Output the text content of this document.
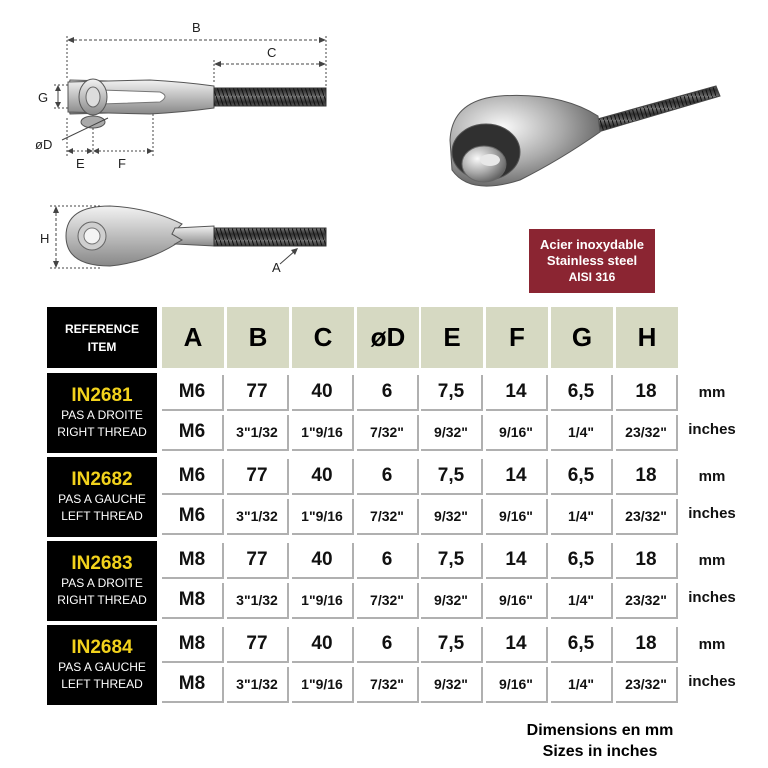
B
C
G
øD
E	F
H
A
Acier inoxydable
Stainless steel
AISI 316
REFERENCE
ITEM	A	B	C	øD	E	F	G	H
IN2681
PAS A DROITE
RIGHT THREAD
M6	77	40	6	7,5	14	6,5	18	mm
M6	3"1/32	1"9/16	7/32"	9/32"	9/16"	1/4"	23/32"	inches
IN2682
PAS A GAUCHE
LEFT THREAD
M6	77	40	6	7,5	14	6,5	18	mm
M6	3"1/32	1"9/16	7/32"	9/32"	9/16"	1/4"	23/32"	inches
IN2683
PAS A DROITE
RIGHT THREAD
M8	77	40	6	7,5	14	6,5	18	mm
M8	3"1/32	1"9/16	7/32"	9/32"	9/16"	1/4"	23/32"	inches
IN2684
PAS A GAUCHE
LEFT THREAD
M8	77	40	6	7,5	14	6,5	18	mm
M8	3"1/32	1"9/16	7/32"	9/32"	9/16"	1/4"	23/32"	inches
Dimensions en mm
Sizes in inches
